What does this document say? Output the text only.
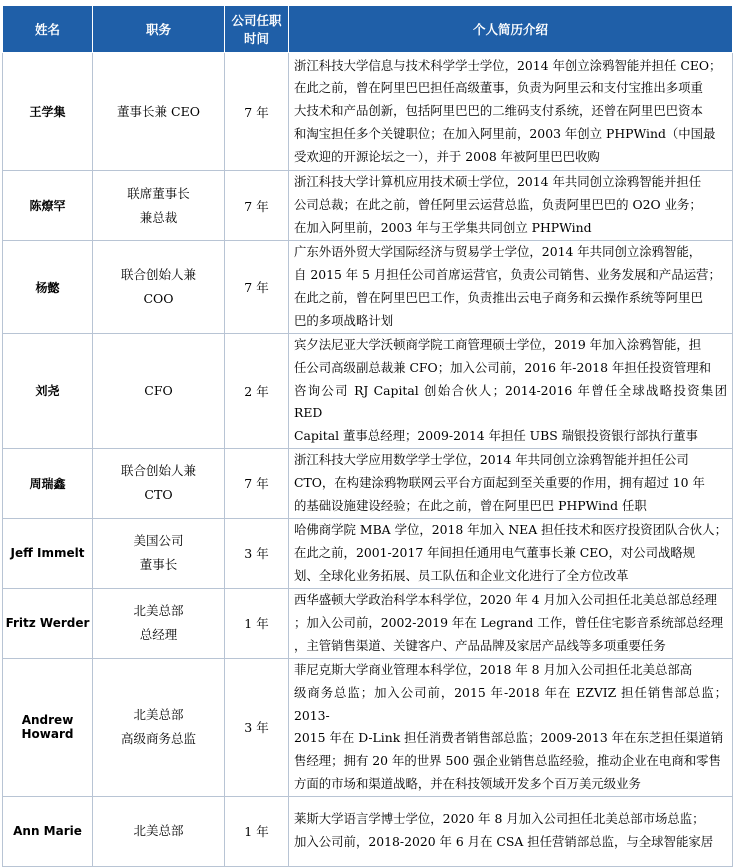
姓名	职务	公司任职
时间	个人简历介绍
王学集	董事长兼 CEO	7 年	浙江科技大学信息与技术科学学士学位，2014 年创立涂鸦智能并担任 CEO；
在此之前，曾在阿里巴巴担任高级董事，负责为阿里云和支付宝推出多项重
大技术和产品创新，包括阿里巴巴的二维码支付系统，还曾在阿里巴巴资本
和淘宝担任多个关键职位；在加入阿里前，2003 年创立 PHPWind（中国最
受欢迎的开源论坛之一），并于 2008 年被阿里巴巴收购

陈燎罕	联席董事长
兼总裁	7 年	浙江科技大学计算机应用技术硕士学位，2014 年共同创立涂鸦智能并担任
公司总裁；在此之前，曾任阿里云运营总监，负责阿里巴巴的 O2O 业务；
在加入阿里前，2003 年与王学集共同创立 PHPWind

杨懿	联合创始人兼
COO	7 年	广东外语外贸大学国际经济与贸易学士学位，2014 年共同创立涂鸦智能，
自 2015 年 5 月担任公司首席运营官，负责公司销售、业务发展和产品运营；
在此之前，曾在阿里巴巴工作，负责推出云电子商务和云操作系统等阿里巴
巴的多项战略计划

刘尧	CFO	2 年	宾夕法尼亚大学沃顿商学院工商管理硕士学位，2019 年加入涂鸦智能，担
任公司高级副总裁兼 CFO；加入公司前，2016 年-2018 年担任投资管理和
咨询公司 RJ Capital 创始合伙人；2014-2016 年曾任全球战略投资集团 RED
Capital 董事总经理；2009-2014 年担任 UBS 瑞银投资银行部执行董事

周瑞鑫	联合创始人兼
CTO	7 年	浙江科技大学应用数学学士学位，2014 年共同创立涂鸦智能并担任公司
CTO，在构建涂鸦物联网云平台方面起到至关重要的作用，拥有超过 10 年
的基础设施建设经验；在此之前，曾在阿里巴巴 PHPWind 任职

Jeff Immelt	美国公司
董事长	3 年	哈佛商学院 MBA 学位，2018 年加入 NEA 担任技术和医疗投资团队合伙人；
在此之前，2001-2017 年间担任通用电气董事长兼 CEO，对公司战略规
划、全球化业务拓展、员工队伍和企业文化进行了全方位改革

Fritz Werder	北美总部
总经理	1 年	西华盛顿大学政治科学本科学位，2020 年 4 月加入公司担任北美总部总经理
；加入公司前，2002-2019 年在 Legrand 工作，曾任住宅影音系统部总经理
，主管销售渠道、关键客户、产品品牌及家居产品线等多项重要任务

Andrew
Howard	北美总部
高级商务总监	3 年	菲尼克斯大学商业管理本科学位，2018 年 8 月加入公司担任北美总部高
级商务总监；加入公司前，2015 年-2018 年在 EZVIZ 担任销售部总监；2013-
2015 年在 D-Link 担任消费者销售部总监；2009-2013 年在东芝担任渠道销
售经理；拥有 20 年的世界 500 强企业销售总监经验，推动企业在电商和零售
方面的市场和渠道战略，并在科技领域开发多个百万美元级业务

Ann Marie	北美总部	1 年	莱斯大学语言学博士学位，2020 年 8 月加入公司担任北美总部市场总监；
加入公司前，2018-2020 年 6 月在 CSA 担任营销部总监，与全球智能家居
